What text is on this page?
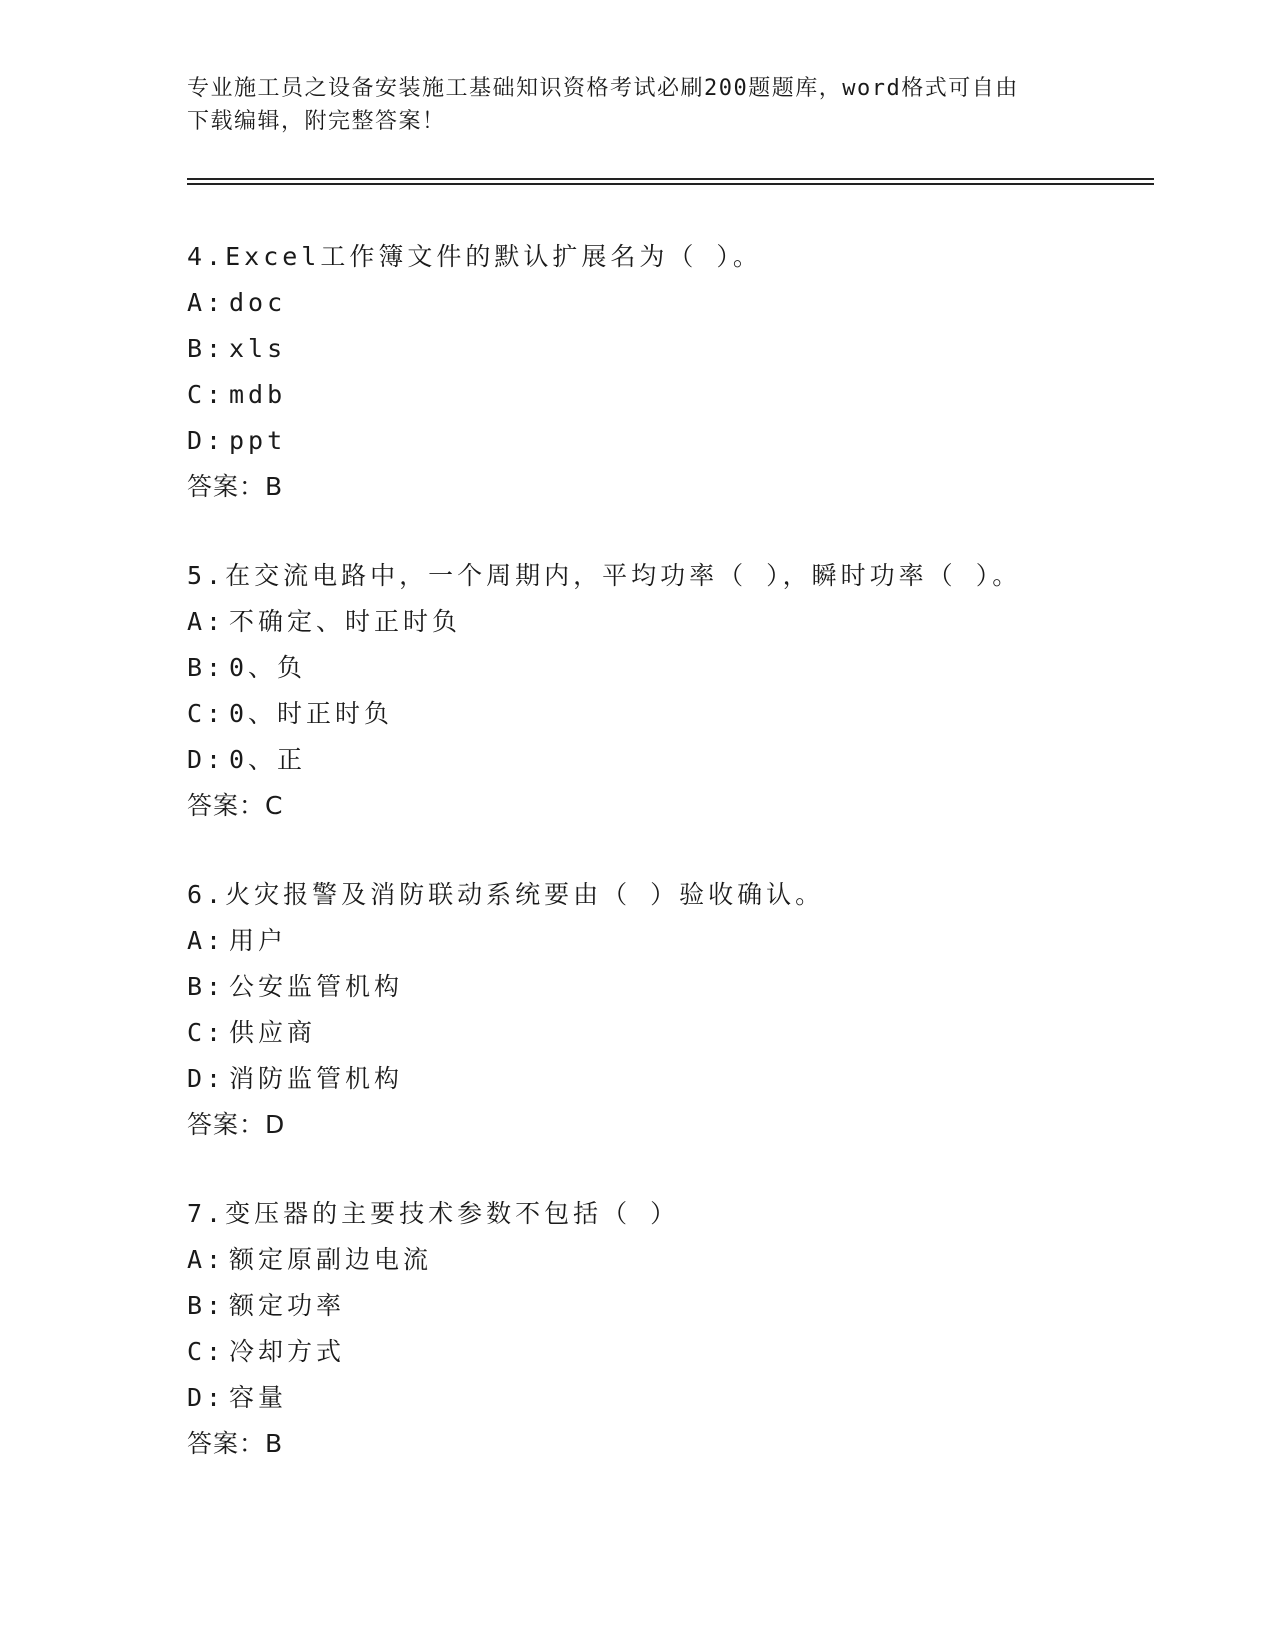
专业施工员之设备安装施工基础知识资格考试必刷200题题库，word格式可自由
下载编辑，附完整答案！
4.Excel工作簿文件的默认扩展名为（ ）。
A: doc
B: xls
C: mdb
D: ppt
答案：B
5.在交流电路中，一个周期内，平均功率（ ），瞬时功率（ ）。
A: 不确定、时正时负
B: 0、负
C: 0、时正时负
D: 0、正
答案：C
6.火灾报警及消防联动系统要由（ ）验收确认。
A: 用户
B: 公安监管机构
C: 供应商
D: 消防监管机构
答案：D
7.变压器的主要技术参数不包括（ ）
A: 额定原副边电流
B: 额定功率
C: 冷却方式
D: 容量
答案：B
